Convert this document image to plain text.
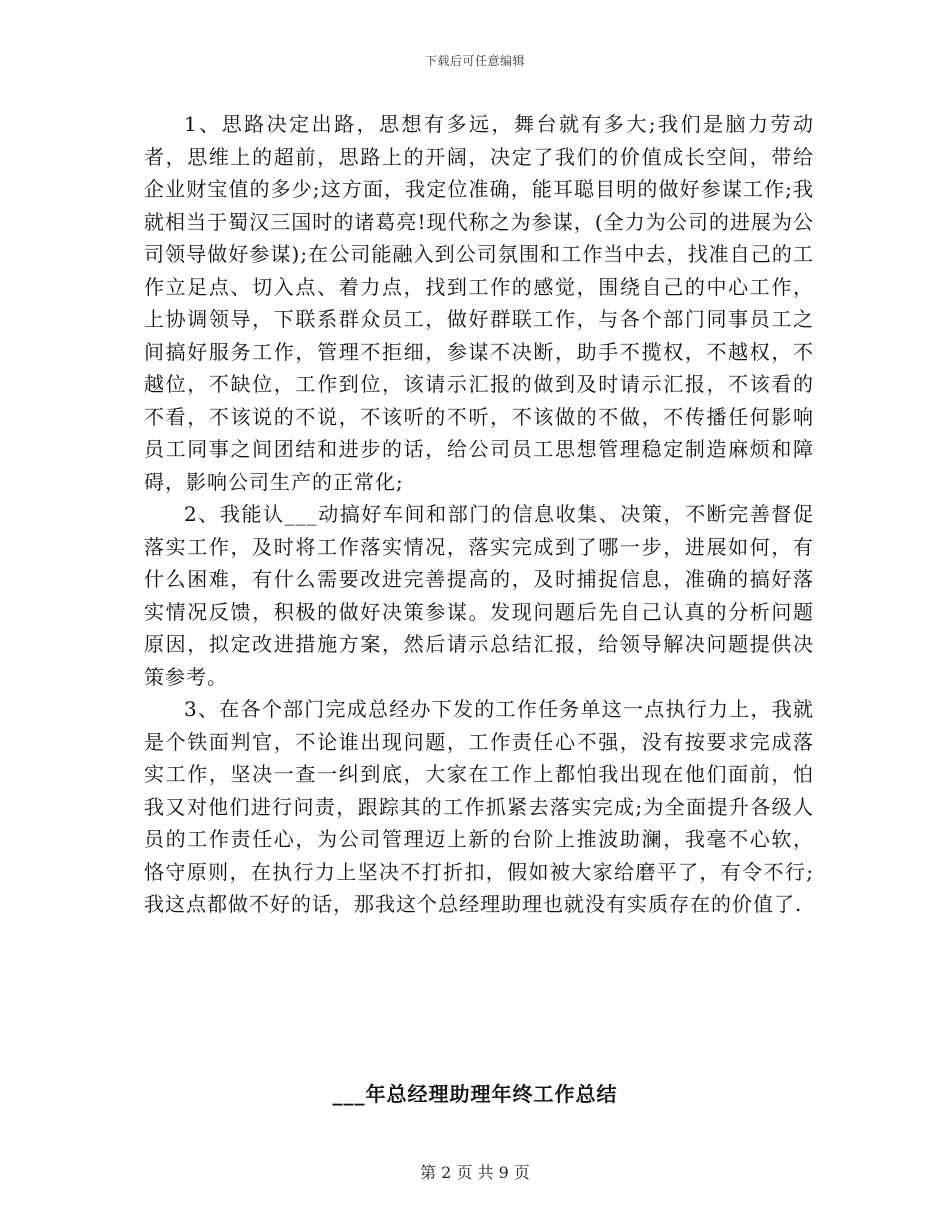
下载后可任意编辑

1、思路决定出路，思想有多远，舞台就有多大;我们是脑力劳动者，思维上的超前，思路上的开阔，决定了我们的价值成长空间，带给企业财宝值的多少;这方面，我定位准确，能耳聪目明的做好参谋工作;我就相当于蜀汉三国时的诸葛亮!现代称之为参谋，(全力为公司的进展为公司领导做好参谋);在公司能融入到公司氛围和工作当中去，找准自己的工作立足点、切入点、着力点，找到工作的感觉，围绕自己的中心工作，上协调领导，下联系群众员工，做好群联工作，与各个部门同事员工之间搞好服务工作，管理不拒细，参谋不决断，助手不揽权，不越权，不越位，不缺位，工作到位，该请示汇报的做到及时请示汇报，不该看的不看，不该说的不说，不该听的不听，不该做的不做，不传播任何影响员工同事之间团结和进步的话，给公司员工思想管理稳定制造麻烦和障碍，影响公司生产的正常化;

2、我能认___动搞好车间和部门的信息收集、决策，不断完善督促落实工作，及时将工作落实情况，落实完成到了哪一步，进展如何，有什么困难，有什么需要改进完善提高的，及时捕捉信息，准确的搞好落实情况反馈，积极的做好决策参谋。发现问题后先自己认真的分析问题原因，拟定改进措施方案，然后请示总结汇报，给领导解决问题提供决策参考。

3、在各个部门完成总经办下发的工作任务单这一点执行力上，我就是个铁面判官，不论谁出现问题，工作责任心不强，没有按要求完成落实工作，坚决一查一纠到底，大家在工作上都怕我出现在他们面前，怕我又对他们进行问责，跟踪其的工作抓紧去落实完成;为全面提升各级人员的工作责任心，为公司管理迈上新的台阶上推波助澜，我毫不心软，恪守原则，在执行力上坚决不打折扣，假如被大家给磨平了，有令不行;我这点都做不好的话，那我这个总经理助理也就没有实质存在的价值了.

___年总经理助理年终工作总结
第 2 页 共 9 页
